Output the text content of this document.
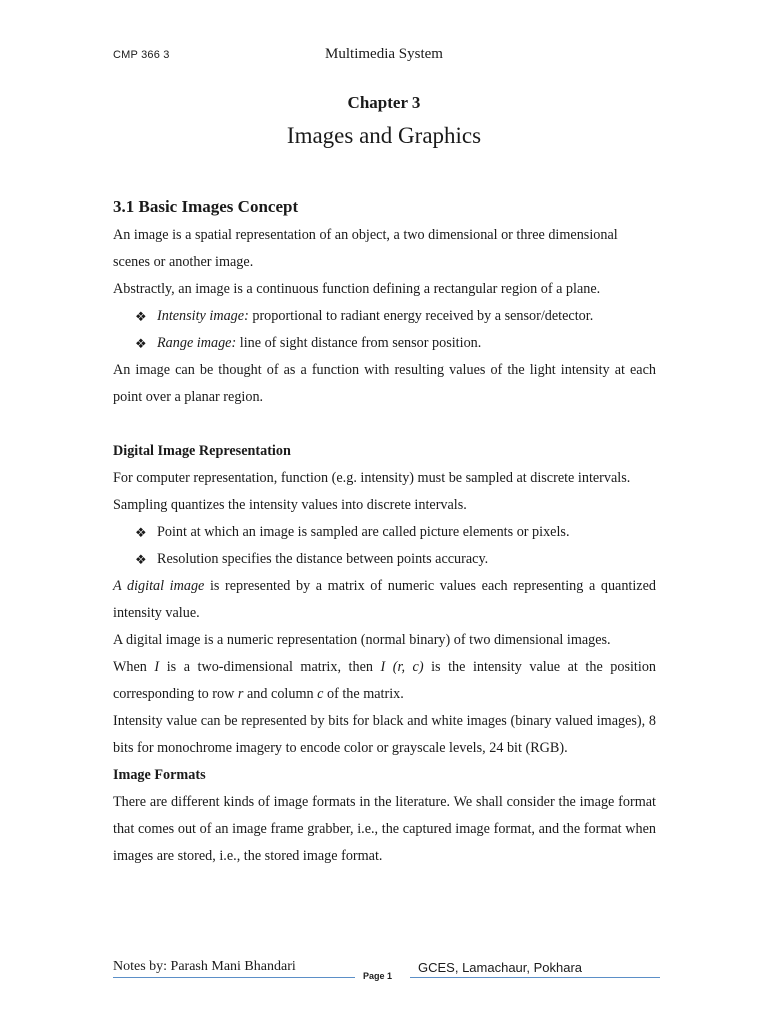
CMP 366 3	Multimedia System
Chapter 3
Images and Graphics

3.1 Basic Images Concept

An image is a spatial representation of an object, a two dimensional or three dimensional scenes or another image.

Abstractly, an image is a continuous function defining a rectangular region of a plane.

❖ Intensity image: proportional to radiant energy received by a sensor/detector.

❖ Range image: line of sight distance from sensor position.

An image can be thought of as a function with resulting values of the light intensity at each point over a planar region.

Digital Image Representation

For computer representation, function (e.g. intensity) must be sampled at discrete intervals.

Sampling quantizes the intensity values into discrete intervals.

❖ Point at which an image is sampled are called picture elements or pixels.

❖ Resolution specifies the distance between points accuracy.

A digital image is represented by a matrix of numeric values each representing a quantized intensity value.

A digital image is a numeric representation (normal binary) of two dimensional images.

When I is a two-dimensional matrix, then I (r, c) is the intensity value at the position corresponding to row r and column c of the matrix.

Intensity value can be represented by bits for black and white images (binary valued images), 8 bits for monochrome imagery to encode color or grayscale levels, 24 bit (RGB).

Image Formats

There are different kinds of image formats in the literature. We shall consider the image format that comes out of an image frame grabber, i.e., the captured image format, and the format when images are stored, i.e., the stored image format.

Notes by: Parash Mani Bhandari
Page 1
GCES, Lamachaur, Pokhara
